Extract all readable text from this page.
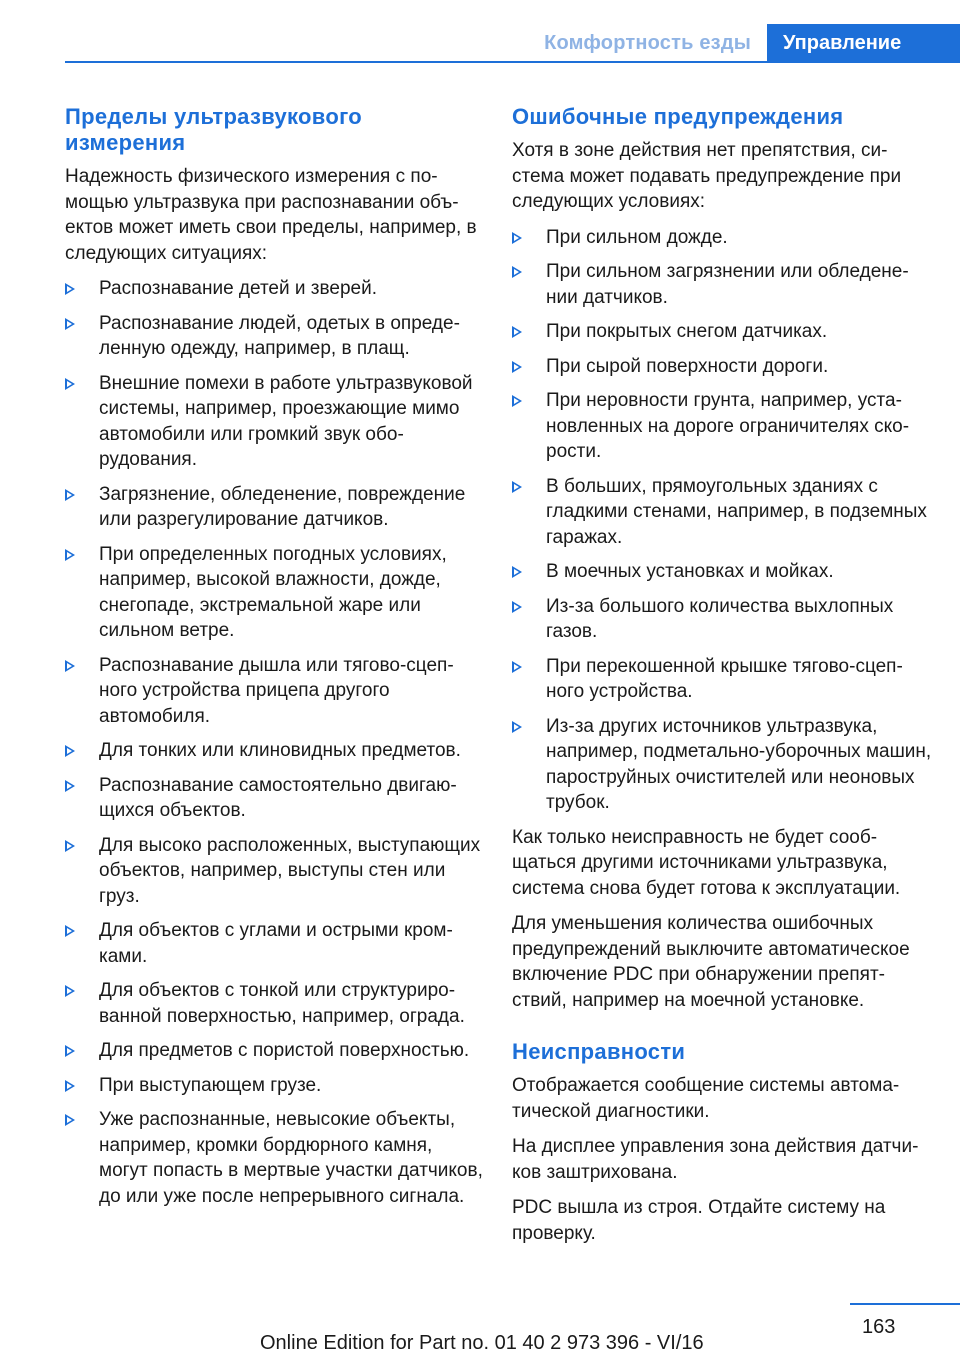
Комфортность езды	Управление
Пределы ультразвукового измерения

Надежность физического измерения с помощью ультразвука при распознавании объектов может иметь свои пределы, например, в следующих ситуациях:

Распознавание детей и зверей.
Распознавание людей, одетых в определенную одежду, например, в плащ.
Внешние помехи в работе ультразвуковой системы, например, проезжающие мимо автомобили или громкий звук оборудования.
Загрязнение, обледенение, повреждение или разрегулирование датчиков.
При определенных погодных условиях, например, высокой влажности, дожде, снегопаде, экстремальной жаре или сильном ветре.
Распознавание дышла или тягово-сцепного устройства прицепа другого автомобиля.
Для тонких или клиновидных предметов.
Распознавание самостоятельно двигающихся объектов.
Для высоко расположенных, выступающих объектов, например, выступы стен или груз.
Для объектов с углами и острыми кромками.
Для объектов с тонкой или структурированной поверхностью, например, ограда.
Для предметов с пористой поверхностью.
При выступающем грузе.
Уже распознанные, невысокие объекты, например, кромки бордюрного камня, могут попасть в мертвые участки датчиков, до или уже после непрерывного сигнала.
Ошибочные предупреждения

Хотя в зоне действия нет препятствия, система может подавать предупреждение при следующих условиях:

При сильном дожде.
При сильном загрязнении или обледенении датчиков.
При покрытых снегом датчиках.
При сырой поверхности дороги.
При неровности грунта, например, установленных на дороге ограничителях скорости.
В больших, прямоугольных зданиях с гладкими стенами, например, в подземных гаражах.
В моечных установках и мойках.
Из-за большого количества выхлопных газов.
При перекошенной крышке тягово-сцепного устройства.
Из-за других источников ультразвука, например, подметально-уборочных машин, пароструйных очистителей или неоновых трубок.

Как только неисправность не будет сообщаться другими источниками ультразвука, система снова будет готова к эксплуатации.

Для уменьшения количества ошибочных предупреждений выключите автоматическое включение PDC при обнаружении препятствий, например на моечной установке.

Неисправности

Отображается сообщение системы автоматической диагностики.

На дисплее управления зона действия датчиков заштрихована.

PDC вышла из строя. Отдайте систему на проверку.

163
Online Edition for Part no. 01 40 2 973 396 - VI/16
